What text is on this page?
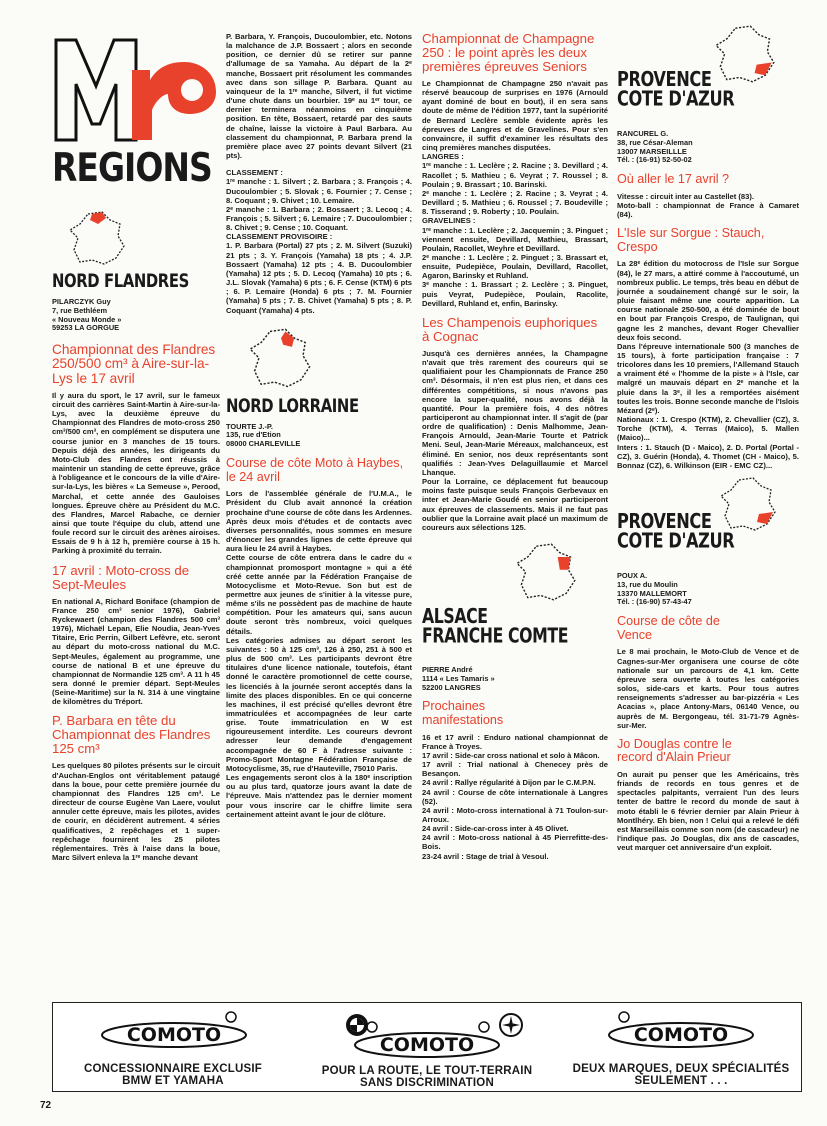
REGIONS
NORD FLANDRES
PILARCZYK Guy
7, rue Bethléem
« Nouveau Monde »
59253 LA GORGUE
Championnat des Flandres 250/500 cm³ à Aire-sur-la-Lys le 17 avril

Il y aura du sport, le 17 avril, sur le fameux circuit des carrières Saint-Martin à Aire-sur-la-Lys, avec la deuxième épreuve du Championnat des Flandres de moto-cross 250 cm³/500 cm³, en complément se disputera une course junior en 3 manches de 15 tours. Depuis déjà des années, les dirigeants du Moto-Club des Flandres ont réussis à maintenir un standing de cette épreuve, grâce à l'obligeance et le concours de la ville d'Aire-sur-la-Lys, les bières « La Semeuse », Perood, Marchal, et cette année des Gauloises longues. Épreuve chère au Président du M.C. des Flandres, Marcel Rabache, ce dernier ainsi que toute l'équipe du club, attend une foule record sur le circuit des arènes airoises. Essais de 9 h à 12 h, première course à 15 h. Parking à proximité du terrain.

17 avril : Moto-cross de Sept-Meules

En national A, Richard Boniface (champion de France 250 cm³ senior 1976), Gabriel Ryckewaert (champion des Flandres 500 cm³ 1976), Michaël Lepan, Elie Noudia, Jean-Yves Titaire, Eric Perrin, Gilbert Lefèvre, etc. seront au départ du moto-cross national du M.C. Sept-Meules, également au programme, une course de national B et une épreuve du championnat de Normandie 125 cm³. A 11 h 45 sera donné le premier départ. Sept-Meules (Seine-Maritime) sur la N. 314 à une vingtaine de kilomètres du Tréport.

P. Barbara en tête du Championnat des Flandres 125 cm³

Les quelques 80 pilotes présents sur le circuit d'Auchan-Englos ont véritablement pataugé dans la boue, pour cette première journée du championnat des Flandres 125 cm³. Le directeur de course Eugène Van Laere, voulut annuler cette épreuve, mais les pilotes, avides de courir, en décidèrent autrement. 4 séries qualificatives, 2 repêchages et 1 super-repêchage fournirent les 25 pilotes réglementaires. Très à l'aise dans la boue, Marc Silvert enleva la 1ʳᵉ manche devant

P. Barbara, Y. François, Ducoulombier, etc. Notons la malchance de J.P. Bossaert ; alors en seconde position, ce dernier dû se retirer sur panne d'allumage de sa Yamaha. Au départ de la 2ᵉ manche, Bossaert prit résolument les commandes avec dans son sillage P. Barbara. Quant au vainqueur de la 1ʳᵉ manche, Silvert, il fut victime d'une chute dans un bourbier. 19ᵉ au 1ᵉʳ tour, ce dernier terminera néanmoins en cinquième position. En tête, Bossaert, retardé par des sauts de chaîne, laisse la victoire à Paul Barbara. Au classement du championnat, P. Barbara prend la première place avec 27 points devant Silvert (21 pts).

CLASSEMENT :
1ʳᵉ manche : 1. Silvert ; 2. Barbara ; 3. François ; 4. Ducoulombier ; 5. Slovak ; 6. Fournier ; 7. Cense ; 8. Coquant ; 9. Chivet ; 10. Lemaire.
2ᵉ manche : 1. Barbara ; 2. Bossaert ; 3. Lecoq ; 4. François ; 5. Silvert ; 6. Lemaire ; 7. Ducoulombier ; 8. Chivet ; 9. Cense ; 10. Coquant.
CLASSEMENT PROVISOIRE :
1. P. Barbara (Portal) 27 pts ; 2. M. Silvert (Suzuki) 21 pts ; 3. Y. François (Yamaha) 18 pts ; 4. J.P. Bossaert (Yamaha) 12 pts ; 4. B. Ducoulombier (Yamaha) 12 pts ; 5. D. Lecoq (Yamaha) 10 pts ; 6. J.L. Slovak (Yamaha) 6 pts ; 6. F. Cense (KTM) 6 pts ; 6. P. Lemaire (Honda) 6 pts ; 7. M. Fournier (Yamaha) 5 pts ; 7. B. Chivet (Yamaha) 5 pts ; 8. P. Coquant (Yamaha) 4 pts.

NORD LORRAINE
TOURTE J.-P.
135, rue d'Etion
08000 CHARLEVILLE
Course de côte Moto à Haybes, le 24 avril

Lors de l'assemblée générale de l'U.M.A., le Président du Club avait annoncé la création prochaine d'une course de côte dans les Ardennes. Après deux mois d'études et de contacts avec diverses personnalités, nous sommes en mesure d'énoncer les grandes lignes de cette épreuve qui aura lieu le 24 avril à Haybes.
Cette course de côte entrera dans le cadre du « championnat promosport montagne » qui a été créé cette année par la Fédération Française de Motocyclisme et Moto-Revue. Son but est de permettre aux jeunes de s'initier à la vitesse pure, même s'ils ne possèdent pas de machine de haute compétition. Pour les amateurs qui, sans aucun doute seront très nombreux, voici quelques détails.
Les catégories admises au départ seront les suivantes : 50 à 125 cm³, 126 à 250, 251 à 500 et plus de 500 cm³. Les participants devront être titulaires d'une licence nationale, toutefois, étant donné le caractère promotionnel de cette course, les licenciés à la journée seront acceptés dans la limite des places disponibles. En ce qui concerne les machines, il est précisé qu'elles devront être immatriculées et accompagnées de leur carte grise. Toute immatriculation en W est rigoureusement interdite. Les coureurs devront adresser leur demande d'engagement accompagnée de 60 F à l'adresse suivante : Promo-Sport Montagne Fédération Française de Motocyclisme, 35, rue d'Hauteville, 75010 Paris.
Les engagements seront clos à la 180ᵉ inscription ou au plus tard, quatorze jours avant la date de l'épreuve. Mais n'attendez pas le dernier moment pour vous inscrire car le chiffre limite sera certainement atteint avant le jour de clôture.

Championnat de Champagne 250 : le point après les deux premières épreuves Seniors

Le Championnat de Champagne 250 n'avait pas réservé beaucoup de surprises en 1976 (Arnould ayant dominé de bout en bout), il en sera sans doute de même de l'édition 1977, tant la supériorité de Bernard Leclère semble évidente après les épreuves de Langres et de Gravelines. Pour s'en convaincre, il suffit d'examiner les résultats des cinq premières manches disputées.

LANGRES :
1ʳᵉ manche : 1. Leclère ; 2. Racine ; 3. Devillard ; 4. Racollet ; 5. Mathieu ; 6. Veyrat ; 7. Roussel ; 8. Poulain ; 9. Brassart ; 10. Barinski.
2ᵉ manche : 1. Leclère ; 2. Racine ; 3. Veyrat ; 4. Devillard ; 5. Mathieu ; 6. Roussel ; 7. Boudeville ; 8. Tisserand ; 9. Roberty ; 10. Poulain.
GRAVELINES :
1ʳᵉ manche : 1. Leclère ; 2. Jacquemin ; 3. Pinguet ; viennent ensuite, Devillard, Mathieu, Brassart, Poulain, Racollet, Weyhre et Devillard.
2ᵉ manche : 1. Leclère ; 2. Pinguet ; 3. Brassart et, ensuite, Pudepièce, Poulain, Devillard, Racollet, Agaron, Barinsky et Ruhland.
3ᵉ manche : 1. Brassart ; 2. Leclère ; 3. Pinguet, puis Veyrat, Pudepièce, Poulain, Racolite, Devillard, Ruhland et, enfin, Barinsky.

Les Champenois euphoriques à Cognac

Jusqu'à ces dernières années, la Champagne n'avait que très rarement des coureurs qui se qualifiaient pour les Championnats de France 250 cm³. Désormais, il n'en est plus rien, et dans ces différentes compétitions, si nous n'avons pas encore la super-qualité, nous avons déjà la quantité. Pour la première fois, 4 des nôtres participeront au championnat inter. Il s'agit de (par ordre de qualification) : Denis Malhomme, Jean-François Arnould, Jean-Marie Tourte et Patrick Meni. Seul, Jean-Marie Méreaux, malchanceux, est éliminé. En senior, nos deux représentants sont qualifiés : Jean-Yves Delaguillaumie et Marcel Lhanque.
Pour la Lorraine, ce déplacement fut beaucoup moins faste puisque seuls François Gerbevaux en inter et Jean-Marie Goudé en senior participeront aux épreuves de classements. Mais il ne faut pas oublier que la Lorraine avait placé un maximum de coureurs aux sélections 125.

ALSACE FRANCHE COMTE
PIERRE André
1114 « Les Tamaris »
52200 LANGRES
Prochaines manifestations

16 et 17 avril : Enduro national championnat de France à Troyes.
17 avril : Side-car cross national et solo à Mâcon.
17 avril : Trial national à Chenecey près de Besançon.
24 avril : Rallye régularité à Dijon par le C.M.P.N.
24 avril : Course de côte internationale à Langres (52).
24 avril : Moto-cross international à 71 Toulon-sur-Arroux.
24 avril : Side-car-cross inter à 45 Olivet.
24 avril : Moto-cross national à 45 Pierrefitte-des-Bois.
23-24 avril : Stage de trial à Vesoul.

PROVENCE COTE D'AZUR
RANCUREL G.
38, rue César-Aleman
13007 MARSEILLLE
Tél. : (16-91) 52-50-02
Où aller le 17 avril ?

Vitesse : circuit inter au Castellet (83).
Moto-ball : championnat de France à Camaret (84).

L'Isle sur Sorgue : Stauch, Crespo

La 28ᵉ édition du motocross de l'Isle sur Sorgue (84), le 27 mars, a attiré comme à l'accoutumé, un nombreux public. Le temps, très beau en début de journée a soudainement changé sur le soir, la pluie faisant même une courte apparition. La course nationale 250-500, a été dominée de bout en bout par François Crespo, de Taulignan, qui gagne les 2 manches, devant Roger Chevallier deux fois second.
Dans l'épreuve internationale 500 (3 manches de 15 tours), à forte participation française : 7 tricolores dans les 10 premiers, l'Allemand Stauch a vraiment été « l'homme de la piste » à l'Isle, car malgré un mauvais départ en 2ᵉ manche et la pluie dans la 3ᵉ, il les a remportées aisément toutes les trois. Bonne seconde manche de l'Islois Mézard (2ᵉ).
Nationaux : 1. Crespo (KTM), 2. Chevallier (CZ), 3. Torche (KTM), 4. Terras (Maico), 5. Mallen (Maico)...
Inters : 1. Stauch (D - Maico), 2. D. Portal (Portal - CZ), 3. Guérin (Honda), 4. Thomet (CH - Maico), 5. Bonnaz (CZ), 6. Wilkinson (EIR - EMC CZ)...

PROVENCE COTE D'AZUR
POUX A.
13, rue du Moulin
13370 MALLEMORT
Tél. : (16-90) 57-43-47
Course de côte de Vence

Le 8 mai prochain, le Moto-Club de Vence et de Cagnes-sur-Mer organisera une course de côte nationale sur un parcours de 4,1 km. Cette épreuve sera ouverte à toutes les catégories solos, side-cars et karts. Pour tous autres renseignements s'adresser au bar-pizzéria « Les Acacias », place Antony-Mars, 06140 Vence, ou auprès de M. Bergongeau, tél. 31-71-79 Agnès-sur-Mer.

Jo Douglas contre le record d'Alain Prieur

On aurait pu penser que les Américains, très friands de records en tous genres et de spectacles palpitants, verraient l'un des leurs tenter de battre le record du monde de saut à moto établi le 6 février dernier par Alain Prieur à Montlhéry. Eh bien, non ! Celui qui a relevé le défi est Marseillais comme son nom (de cascadeur) ne l'indique pas. Jo Douglas, dix ans de cascades, veut marquer cet anniversaire d'un exploit.

COMOTO
CONCESSIONNAIRE EXCLUSIF
BMW ET YAMAHA
COMOTO
POUR LA ROUTE, LE TOUT-TERRAIN
SANS DISCRIMINATION
COMOTO
DEUX MARQUES, DEUX SPÉCIALITÉS
SEULEMENT . . .
72
